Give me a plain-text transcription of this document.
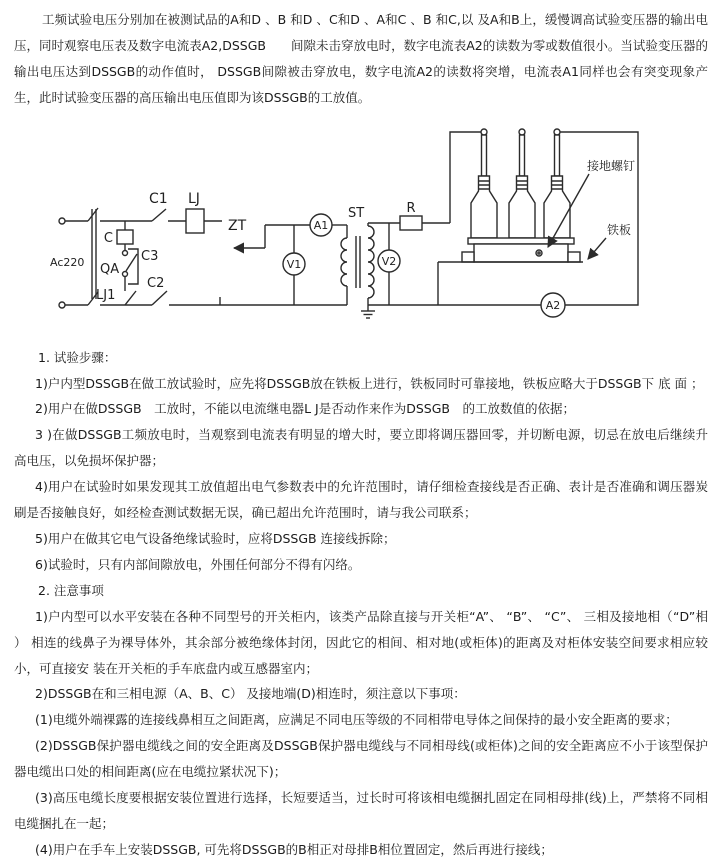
工频试验电压分别加在被测试品的A和D 、B 和D 、C和D 、A和C 、B 和C,以 及A和B上，缓慢调高试验变压器的输出电压，同时观察电压表及数字电流表A2,DSSGB　　间隙未击穿放电时，数字电流表A2的读数为零或数值很小。当试验变压器的输出电压达到DSSGB的动作值时， DSSGB间隙被击穿放电，数字电流A2的读数将突增，电流表A1同样也会有突变现象产生，此时试验变压器的高压输出电压值即为该DSSGB的工放值。

Ac220
C
QA
C3
LJ1
C1 LJ
ZT
C2
A1
V1
ST
V2
R
A2
接地螺钉
铁板

1. 试验步骤：

1)户内型DSSGB在做工放试验时，应先将DSSGB放在铁板上进行，铁板同时可靠接地，铁板应略大于DSSGB下 底 面 ；

2)用户在做DSSGB　工放时，不能以电流继电器L J是否动作来作为DSSGB　的工放数值的依据；

3 )在做DSSGB工频放电时，当观察到电流表有明显的增大时，要立即将调压器回零，并切断电源，切忌在放电后继续升高电压，以免损坏保护器；

4)用户在试验时如果发现其工放值超出电气参数表中的允许范围时，请仔细检查接线是否正确、表计是否准确和调压器炭刷是否接触良好，如经检查测试数据无误，确已超出允许范围时，请与我公司联系；

5)用户在做其它电气设备绝缘试验时，应将DSSGB 连接线拆除；

6)试验时，只有内部间隙放电，外围任何部分不得有闪络。

2. 注意事项

1)户内型可以水平安装在各种不同型号的开关柜内，该类产品除直接与开关柜“A”、 “B”、 “C”、 三相及接地相（“D”相 ） 相连的线鼻子为裸导体外，其余部分被绝缘体封闭，因此它的相间、相对地(或柜体)的距离及对柜体安装空间要求相应较小，可直接安 装在开关柜的手车底盘内或互感器室内；

2)DSSGB在和三相电源（A、B、C） 及接地端(D)相连时，须注意以下事项：

(1)电缆外端裸露的连接线鼻相互之间距离，应满足不同电压等级的不同相带电导体之间保持的最小安全距离的要求；

(2)DSSGB保护器电缆线之间的安全距离及DSSGB保护器电缆线与不同相母线(或柜体)之间的安全距离应不小于该型保护器电缆出口处的相间距离(应在电缆拉紧状况下)；

(3)高压电缆长度要根据安装位置进行选择，长短要适当，过长时可将该相电缆捆扎固定在同相母排(线)上，严禁将不同相电缆捆扎在一起；

(4)用户在手车上安装DSSGB, 可先将DSSGB的B相正对母排B相位置固定，然后再进行接线；
